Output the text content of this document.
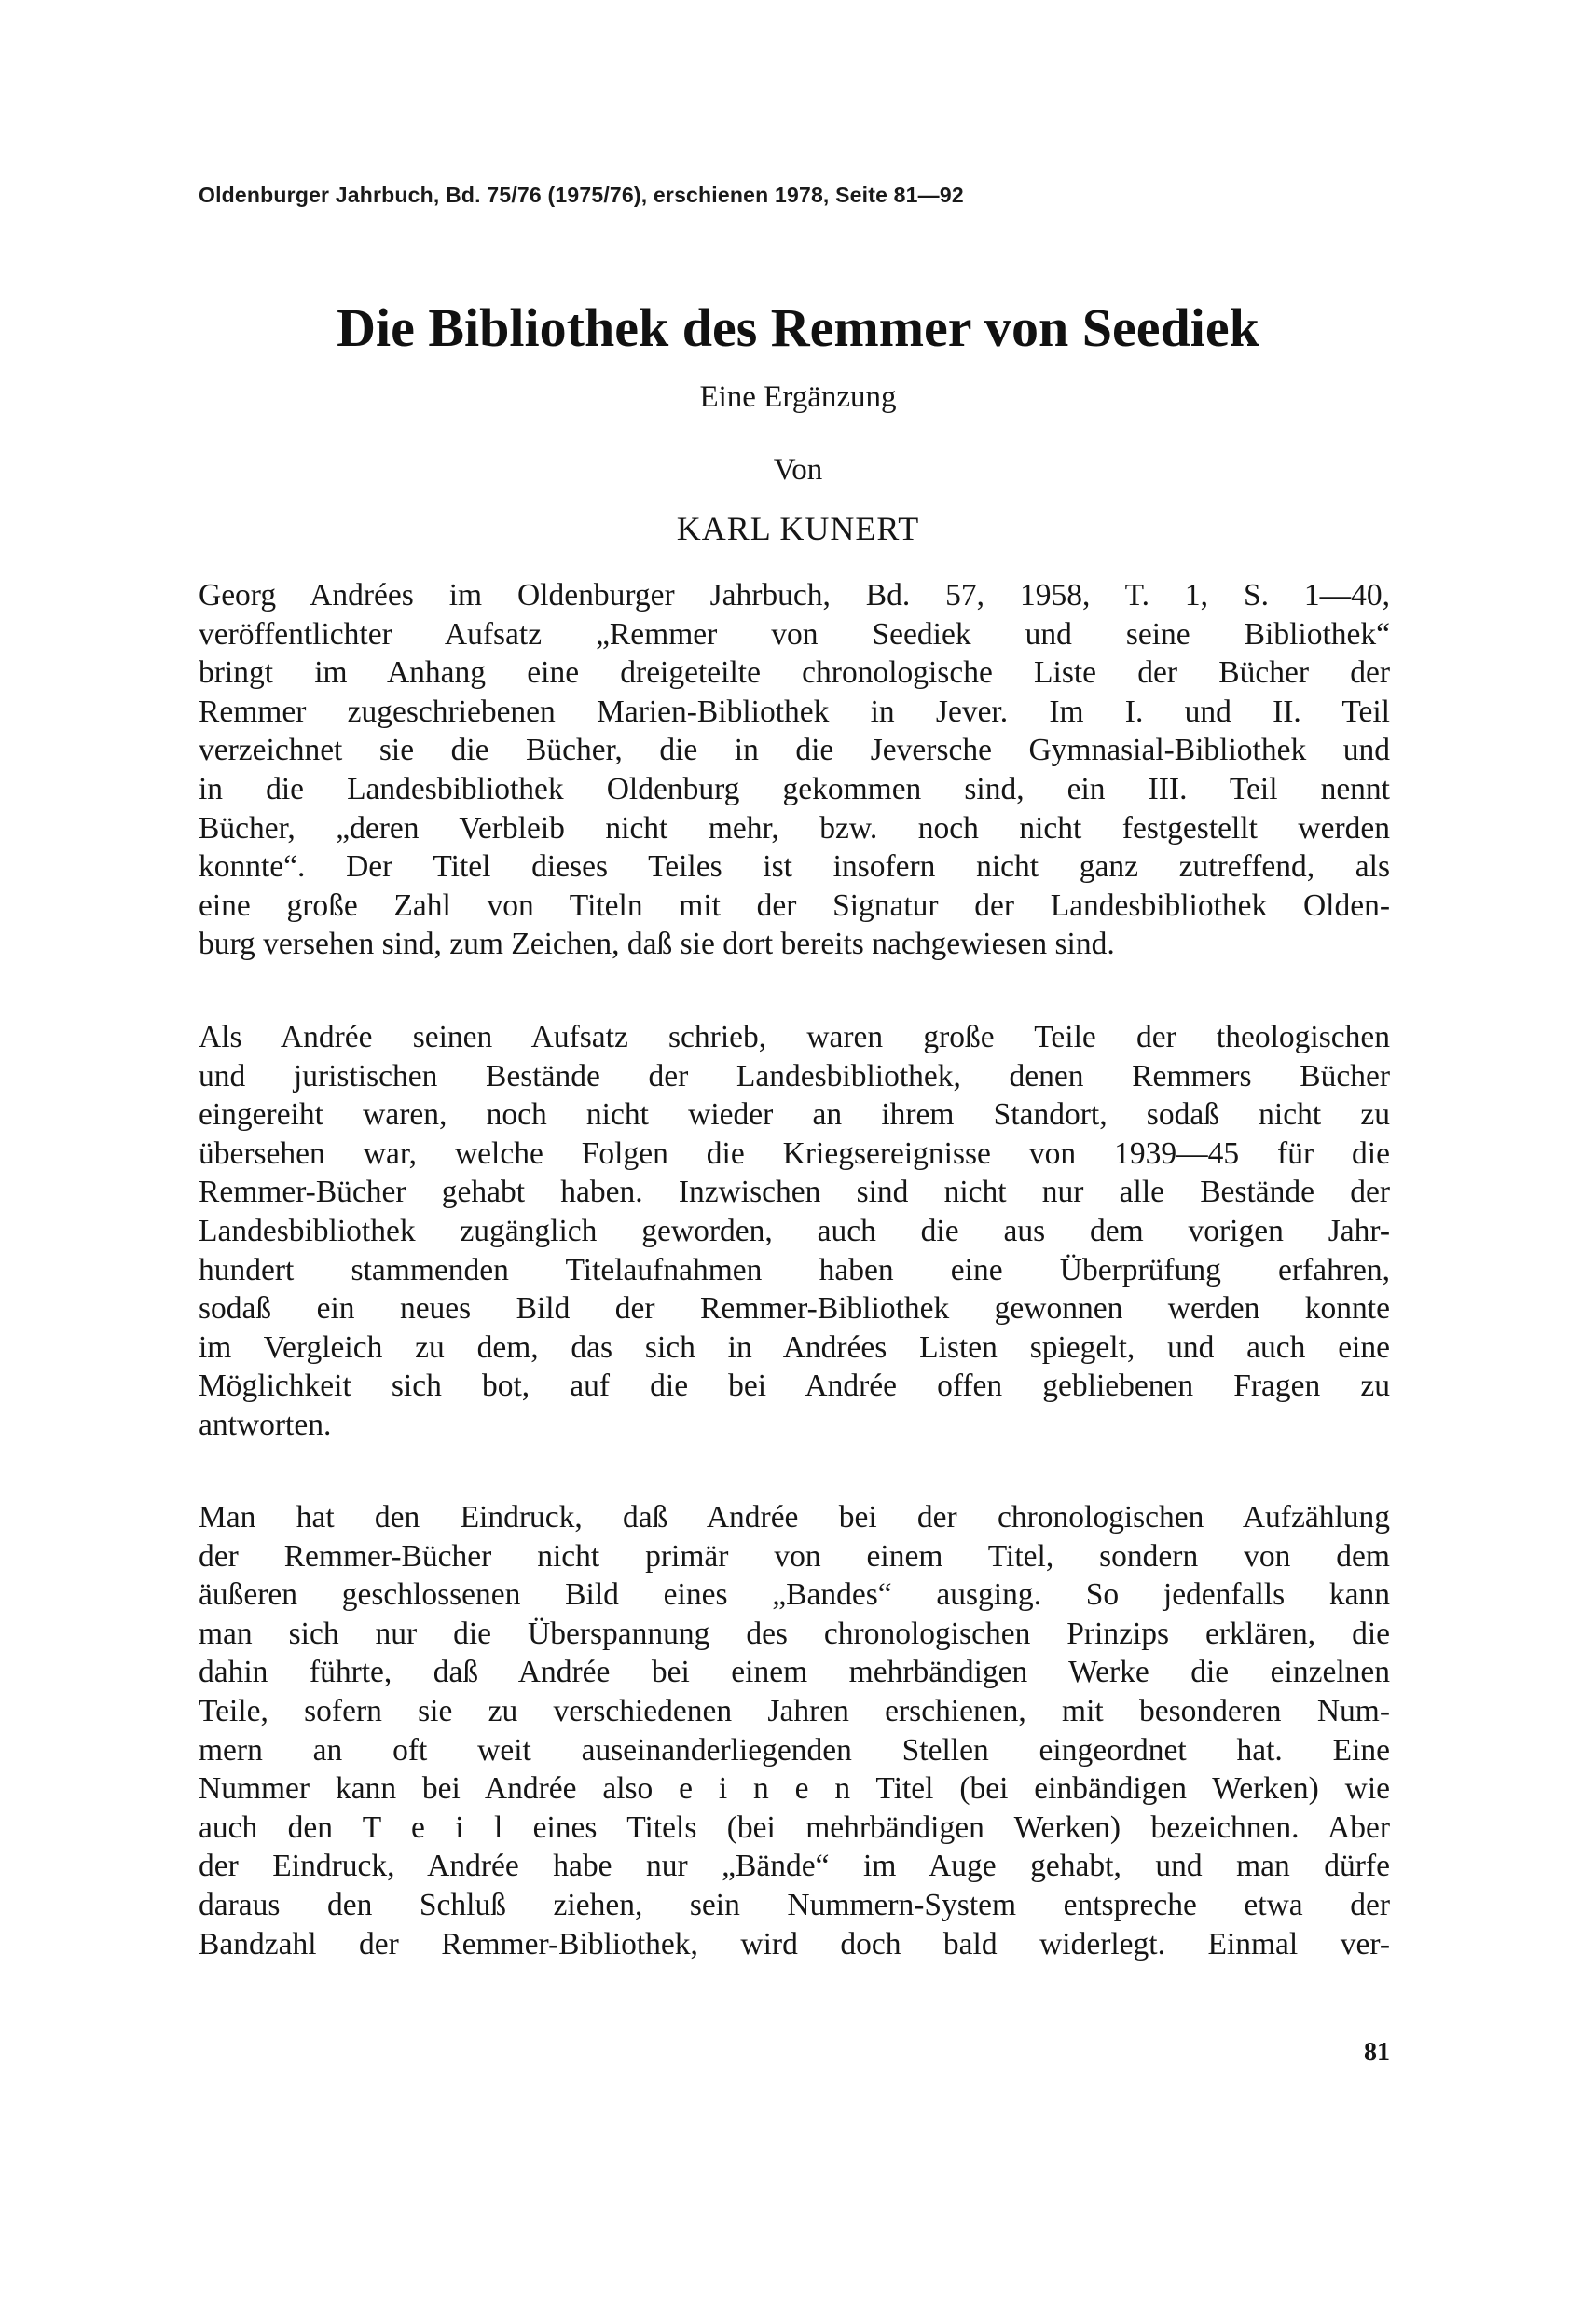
Oldenburger Jahrbuch, Bd. 75/76 (1975/76), erschienen 1978, Seite 81—92
Die Bibliothek des Remmer von Seediek
Eine Ergänzung
Von
KARL KUNERT
Georg Andrées im Oldenburger Jahrbuch, Bd. 57, 1958, T. 1, S. 1—40,
veröffentlichter Aufsatz „Remmer von Seediek und seine Bibliothek“
bringt im Anhang eine dreigeteilte chronologische Liste der Bücher der
Remmer zugeschriebenen Marien-Bibliothek in Jever. Im I. und II. Teil
verzeichnet sie die Bücher, die in die Jeversche Gymnasial-Bibliothek und
in die Landesbibliothek Oldenburg gekommen sind, ein III. Teil nennt
Bücher, „deren Verbleib nicht mehr, bzw. noch nicht festgestellt werden
konnte“. Der Titel dieses Teiles ist insofern nicht ganz zutreffend, als
eine große Zahl von Titeln mit der Signatur der Landesbibliothek Olden-
burg versehen sind, zum Zeichen, daß sie dort bereits nachgewiesen sind.
Als Andrée seinen Aufsatz schrieb, waren große Teile der theologischen
und juristischen Bestände der Landesbibliothek, denen Remmers Bücher
eingereiht waren, noch nicht wieder an ihrem Standort, sodaß nicht zu
übersehen war, welche Folgen die Kriegsereignisse von 1939—45 für die
Remmer-Bücher gehabt haben. Inzwischen sind nicht nur alle Bestände der
Landesbibliothek zugänglich geworden, auch die aus dem vorigen Jahr-
hundert stammenden Titelaufnahmen haben eine Überprüfung erfahren,
sodaß ein neues Bild der Remmer-Bibliothek gewonnen werden konnte
im Vergleich zu dem, das sich in Andrées Listen spiegelt, und auch eine
Möglichkeit sich bot, auf die bei Andrée offen gebliebenen Fragen zu
antworten.
Man hat den Eindruck, daß Andrée bei der chronologischen Aufzählung
der Remmer-Bücher nicht primär von einem Titel, sondern von dem
äußeren geschlossenen Bild eines „Bandes“ ausging. So jedenfalls kann
man sich nur die Überspannung des chronologischen Prinzips erklären, die
dahin führte, daß Andrée bei einem mehrbändigen Werke die einzelnen
Teile, sofern sie zu verschiedenen Jahren erschienen, mit besonderen Num-
mern an oft weit auseinanderliegenden Stellen eingeordnet hat. Eine
Nummer kann bei Andrée also e i n e n Titel (bei einbändigen Werken) wie
auch den T e i l eines Titels (bei mehrbändigen Werken) bezeichnen. Aber
der Eindruck, Andrée habe nur „Bände“ im Auge gehabt, und man dürfe
daraus den Schluß ziehen, sein Nummern-System entspreche etwa der
Bandzahl der Remmer-Bibliothek, wird doch bald widerlegt. Einmal ver-
81
